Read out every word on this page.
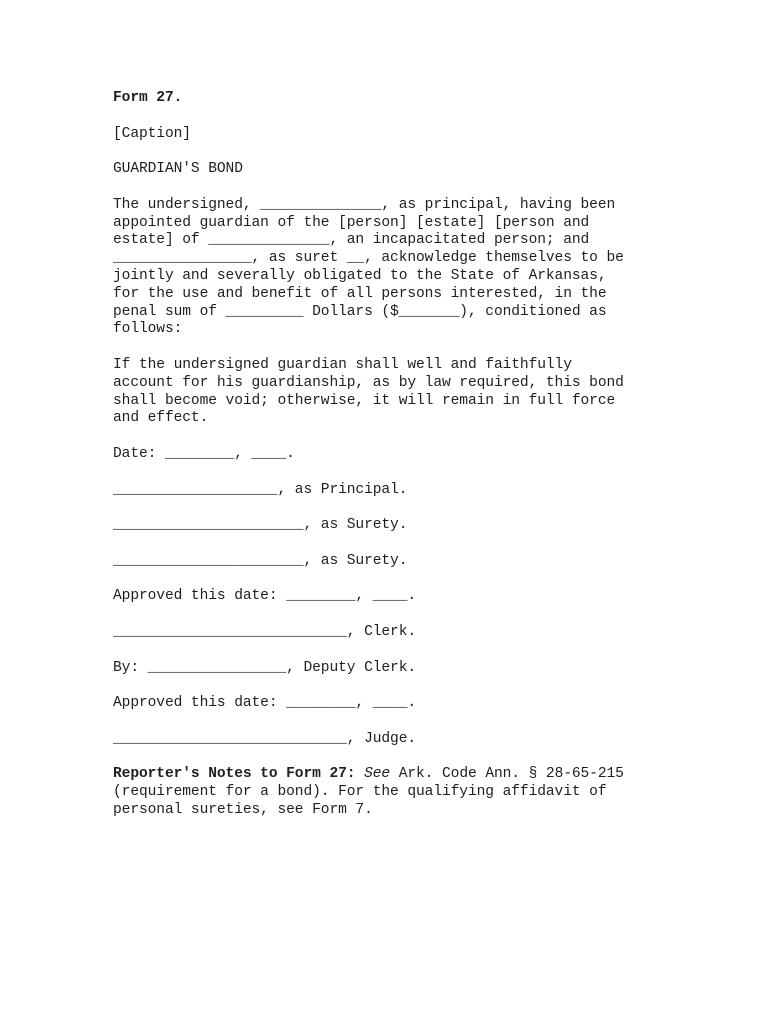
Form 27.
[Caption]
GUARDIAN'S BOND
The undersigned, ______________, as principal, having been
appointed guardian of the [person] [estate] [person and
estate] of ______________, an incapacitated person; and
________________, as suret __, acknowledge themselves to be
jointly and severally obligated to the State of Arkansas,
for the use and benefit of all persons interested, in the
penal sum of _________ Dollars ($_______), conditioned as
follows:
If the undersigned guardian shall well and faithfully
account for his guardianship, as by law required, this bond
shall become void; otherwise, it will remain in full force
and effect.
Date: ________, ____.
___________________, as Principal.
______________________, as Surety.
______________________, as Surety.
Approved this date: ________, ____.
___________________________, Clerk.
By: ________________, Deputy Clerk.
Approved this date: ________, ____.
___________________________, Judge.
Reporter's Notes to Form 27: See Ark. Code Ann. § 28-65-215
(requirement for a bond). For the qualifying affidavit of
personal sureties, see Form 7.
